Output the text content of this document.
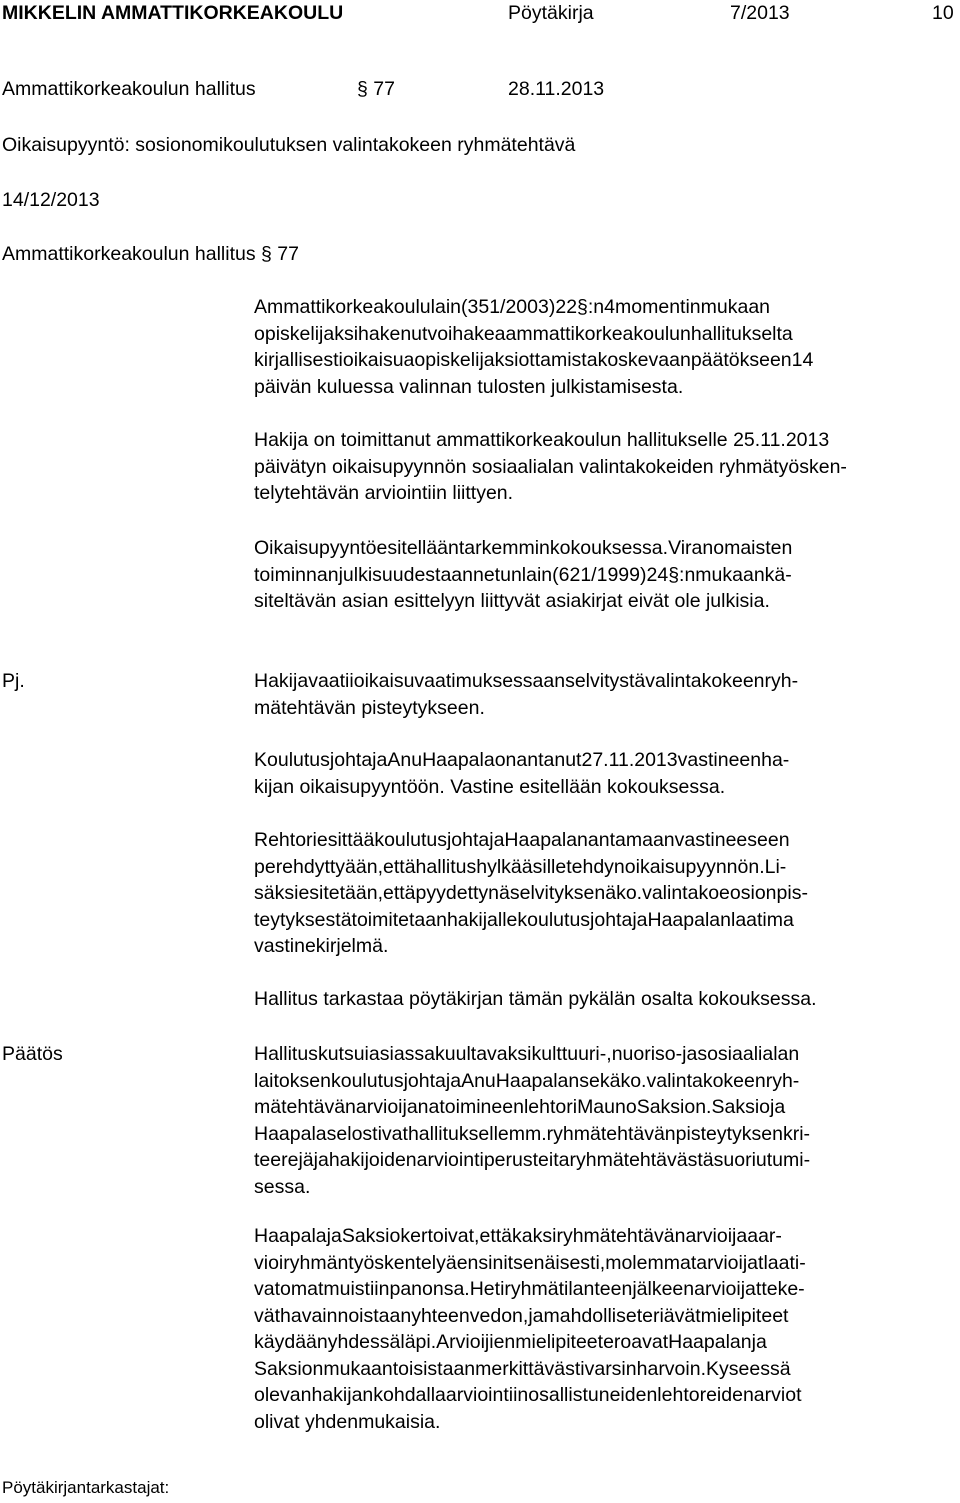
MIKKELIN AMMATTIKORKEAKOULU	Pöytäkirja	7/2013	10
Ammattikorkeakoulun hallitus	§ 77	28.11.2013
Oikaisupyyntö: sosionomikoulutuksen valintakokeen ryhmätehtävä
14/12/2013
Ammattikorkeakoulun hallitus § 77
Ammattikorkeakoululain(351/2003)22§:n4momentinmukaan
opiskelijaksihakenutvoihakeaammattikorkeakoulunhallitukselta
kirjallisestioikaisuaopiskelijaksiottamistakoskevaanpäätökseen14
päivän kuluessa valinnan tulosten julkistamisesta.
Hakija on toimittanut ammattikorkeakoulun hallitukselle 25.11.2013
päivätyn oikaisupyynnön sosiaalialan valintakokeiden ryhmätyösken-
telytehtävän arviointiin liittyen.
Oikaisupyyntöesitellääntarkemminkokouksessa.Viranomaisten
toiminnanjulkisuudestaannetunlain(621/1999)24§:nmukaankä-
siteltävän asian esittelyyn liittyvät asiakirjat eivät ole julkisia.
Pj.	Hakijavaatiioikaisuvaatimuksessaanselvitystävalintakokeenryh-
mätehtävän pisteytykseen.
KoulutusjohtajaAnuHaapalaonantanut27.11.2013vastineenha-
kijan oikaisupyyntöön. Vastine esitellään kokouksessa.
RehtoriesittääkoulutusjohtajaHaapalanantamaanvastineeseen
perehdyttyään,ettähallitushylkääsilletehdynoikaisupyynnön.Li-
säksiesitetään,ettäpyydettynäselvityksenäko.valintakoeosionpis-
teytyksestätoimitetaanhakijallekoulutusjohtajaHaapalanlaatima
vastinekirjelmä.
Hallitus tarkastaa pöytäkirjan tämän pykälän osalta kokouksessa.
Päätös	Hallituskutsuiasiassakuultavaksikulttuuri-,nuoriso-jasosiaalialan
laitoksenkoulutusjohtajaAnuHaapalansekäko.valintakokeenryh-
mätehtävänarvioijanatoimineenlehtoriMaunoSaksion.Saksioja
Haapalaselostivathallituksellemm.ryhmätehtävänpisteytyksenkri-
teerejäjahakijoidenarviointiperusteitaryhmätehtävästäsuoriutumi-
sessa.
HaapalajaSaksiokertoivat,ettäkaksiryhmätehtävänarvioijaaar-
vioiryhmäntyöskentelyäensinitsenäisesti,molemmatarvioijatlaati-
vatomatmuistiinpanonsa.Hetiryhmätilanteenjälkeenarvioijatteke-
väthavainnoistaanyhteenvedon,jamahdolliseteriävätmielipiteet
käydäänyhdessäläpi.ArvioijienmielipiteeteroavatHaapalanja
Saksionmukaantoisistaanmerkittävästivarsinharvoin.Kyseessä
olevanhakijankohdallaarviointiinosallistuneidenlehtoreidenarviot
olivat yhdenmukaisia.
Pöytäkirjantarkastajat:
